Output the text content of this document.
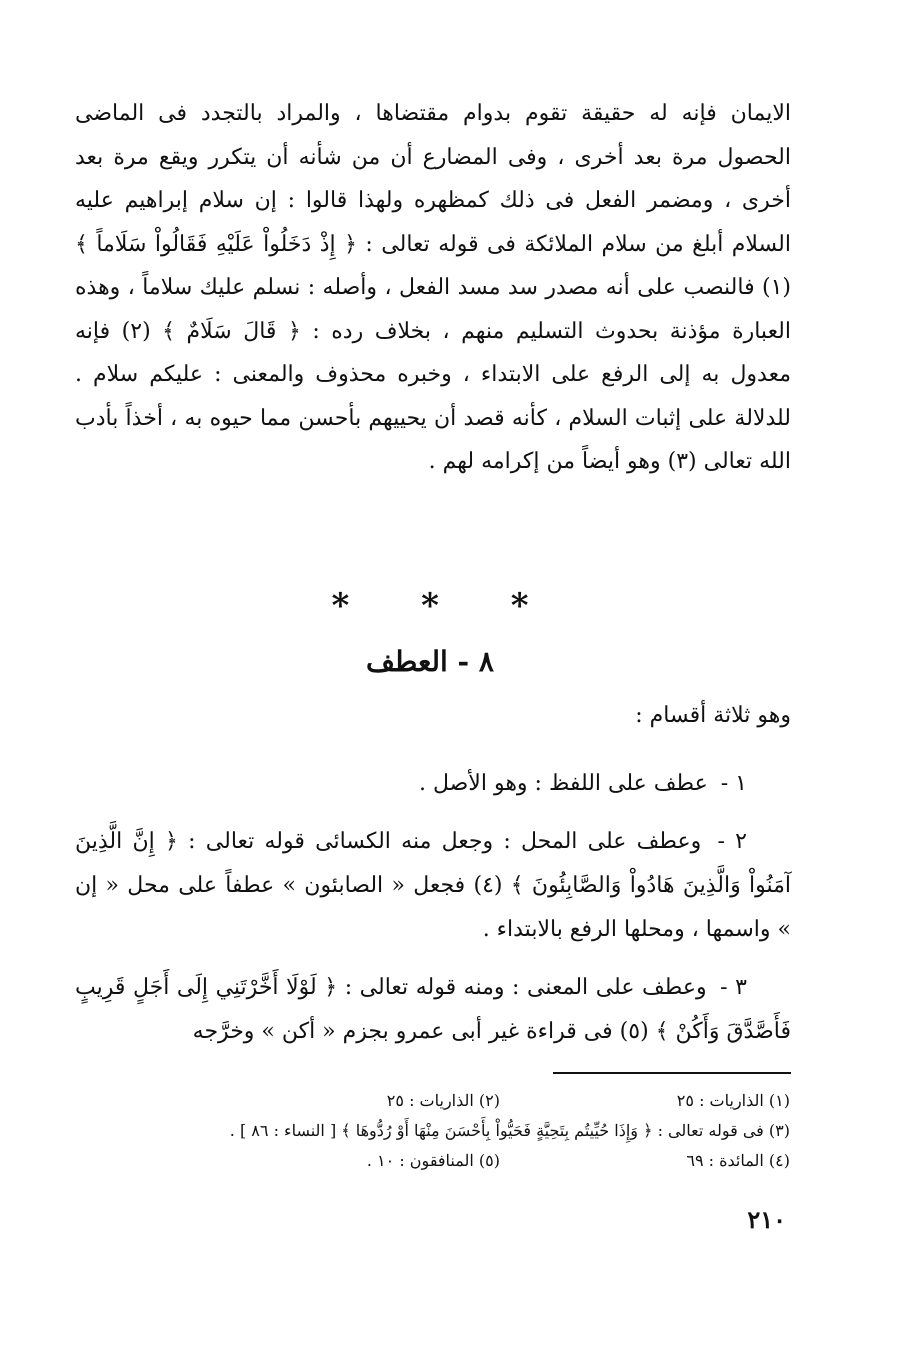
الايمان فإنه له حقيقة تقوم بدوام مقتضاها ، والمراد بالتجدد فى الماضى الحصول مرة بعد أخرى ، وفى المضارع أن من شأنه أن يتكرر ويقع مرة بعد أخرى ، ومضمر الفعل فى ذلك كمظهره ولهذا قالوا : إن سلام إبراهيم عليه السلام أبلغ من سلام الملائكة فى قوله تعالى : ﴿ إِذْ دَخَلُواْ عَلَيْهِ فَقَالُواْ سَلَاماً ﴾ (١) فالنصب على أنه مصدر سد مسد الفعل ، وأصله : نسلم عليك سلاماً ، وهذه العبارة مؤذنة بحدوث التسليم منهم ، بخلاف رده : ﴿ قَالَ سَلَامٌ ﴾ (٢) فإنه معدول به إلى الرفع على الابتداء ، وخبره محذوف والمعنى : عليكم سلام . للدلالة على إثبات السلام ، كأنه قصد أن يحييهم بأحسن مما حيوه به ، أخذاً بأدب الله تعالى (٣) وهو أيضاً من إكرامه لهم .

* * *
٨ - العطف

وهو ثلاثة أقسام :

١ - عطف على اللفظ : وهو الأصل .

٢ - وعطف على المحل : وجعل منه الكسائى قوله تعالى : ﴿ إِنَّ الَّذِينَ آمَنُواْ وَالَّذِينَ هَادُواْ وَالصَّابِئُونَ ﴾ (٤) فجعل « الصابئون » عطفاً على محل « إن » واسمها ، ومحلها الرفع بالابتداء .

٣ - وعطف على المعنى : ومنه قوله تعالى : ﴿ لَوْلَا أَخَّرْتَنِي إِلَى أَجَلٍ قَرِيبٍ فَأَصَّدَّقَ وَأَكُنْ ﴾ (٥) فى قراءة غير أبى عمرو بجزم « أكن » وخرَّجه

(١) الذاريات : ٢٥
(٢) الذاريات : ٢٥
(٣) فى قوله تعالى : ﴿ وَإِذَا حُيِّيتُم بِتَحِيَّةٍ فَحَيُّواْ بِأَحْسَنَ مِنْهَا أَوْ رُدُّوهَا ﴾ [ النساء : ٨٦ ] .
(٤) المائدة : ٦٩
(٥) المنافقون : ١٠ .

٢١٠
